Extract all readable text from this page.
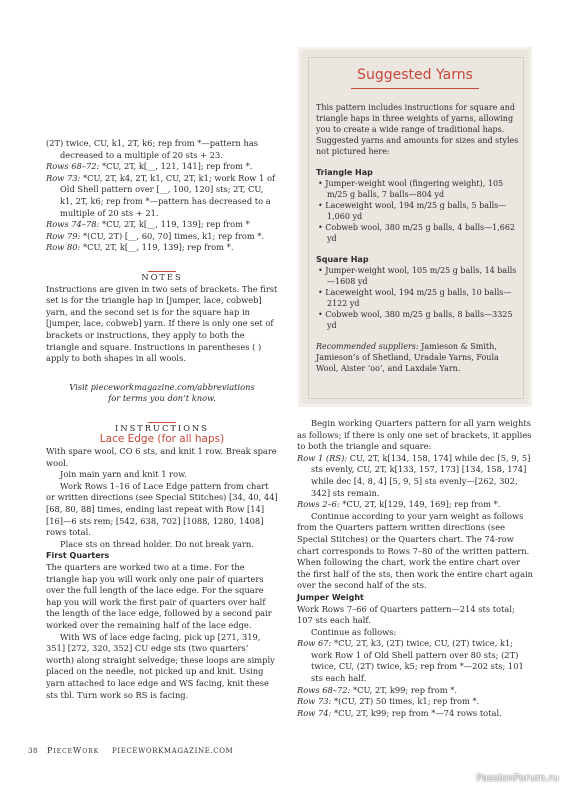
(2T) twice, CU, k1, 2T, k6; rep from *—pattern has decreased to a multiple of 20 sts + 23.

Rows 68–72: *CU, 2T, k[__, 121, 141]; rep from *.

Row 73: *CU, 2T, k4, 2T, k1, CU, 2T, k1; work Row 1 of Old Shell pattern over [__, 100, 120] sts; 2T, CU, k1, 2T, k6; rep from *—pattern has decreased to a multiple of 20 sts + 21.

Rows 74–78: *CU, 2T, k[__, 119, 139]; rep from *

Row 79: *(CU, 2T) [__, 60, 70] times, k1; rep from *.

Row 80: *CU, 2T, k[__, 119, 139]; rep from *.

NOTES

Instructions are given in two sets of brackets. The first set is for the triangle hap in [jumper, lace, cobweb] yarn, and the second set is for the square hap in [jumper, lace, cobweb] yarn. If there is only one set of brackets or instructions, they apply to both the triangle and square. Instructions in parentheses ( ) apply to both shapes in all wools.

Visit pieceworkmagazine.com/abbreviations for terms you don’t know.

INSTRUCTIONS

Lace Edge (for all haps)

With spare wool, CO 6 sts, and knit 1 row. Break spare wool.

Join main yarn and knit 1 row.

Work Rows 1–16 of Lace Edge pattern from chart or written directions (see Special Stitches) [34, 40, 44] [68, 80, 88] times, ending last repeat with Row [14] [16]—6 sts rem; [542, 638, 702] [1088, 1280, 1408] rows total.

Place sts on thread holder. Do not break yarn.

First Quarters

The quarters are worked two at a time. For the triangle hap you will work only one pair of quarters over the full length of the lace edge. For the square hap you will work the first pair of quarters over half the length of the lace edge, followed by a second pair worked over the remaining half of the lace edge.

With WS of lace edge facing, pick up [271, 319, 351] [272, 320, 352] CU edge sts (two quarters’ worth) along straight selvedge; these loops are simply placed on the needle, not picked up and knit. Using yarn attached to lace edge and WS facing, knit these sts tbl. Turn work so RS is facing.

Suggested Yarns

This pattern includes instructions for square and triangle haps in three weights of yarns, allowing you to create a wide range of traditional haps. Suggested yarns and amounts for sizes and styles not pictured here:

Triangle Hap

• Jumper-weight wool (fingering weight), 105 m/25 g balls, 7 balls—804 yd

• Laceweight wool, 194 m/25 g balls, 5 balls—1,060 yd

• Cobweb wool, 380 m/25 g balls, 4 balls—1,662 yd

Square Hap

• Jumper-weight wool, 105 m/25 g balls, 14 balls—1608 yd

• Laceweight wool, 194 m/25 g balls, 10 balls—2122 yd

• Cobweb wool, 380 m/25 g balls, 8 balls—3325 yd

Recommended suppliers: Jamieson & Smith, Jamieson’s of Shetland, Uradale Yarns, Foula Wool, Aister ‘oo’, and Laxdale Yarn.

Begin working Quarters pattern for all yarn weights as follows; if there is only one set of brackets, it applies to both the triangle and square:

Row 1 (RS): CU, 2T, k[134, 158, 174] while dec [5, 9, 5] sts evenly, CU, 2T, k[133, 157, 173] [134, 158, 174] while dec [4, 8, 4] [5, 9, 5] sts evenly—[262, 302, 342] sts remain.

Rows 2–6: *CU, 2T, k[129, 149, 169]; rep from *.

Continue according to your yarn weight as follows from the Quarters pattern written directions (see Special Stitches) or the Quarters chart. The 74-row chart corresponds to Rows 7–80 of the written pattern. When following the chart, work the entire chart over the first half of the sts, then work the entire chart again over the second half of the sts.

Jumper Weight

Work Rows 7–66 of Quarters pattern—214 sts total; 107 sts each half.

Continue as follows:

Row 67: *CU, 2T, k3, (2T) twice, CU, (2T) twice, k1; work Row 1 of Old Shell pattern over 80 sts; (2T) twice, CU, (2T) twice, k5; rep from *—202 sts; 101 sts each half.

Rows 68–72: *CU, 2T, k99; rep from *.

Row 73: *(CU, 2T) 50 times, k1; rep from *.

Row 74: *CU, 2T, k99; rep from *—74 rows total.

38 PieceWork PIECEWORKMAGAZINE.COM
PassionForum.ru
